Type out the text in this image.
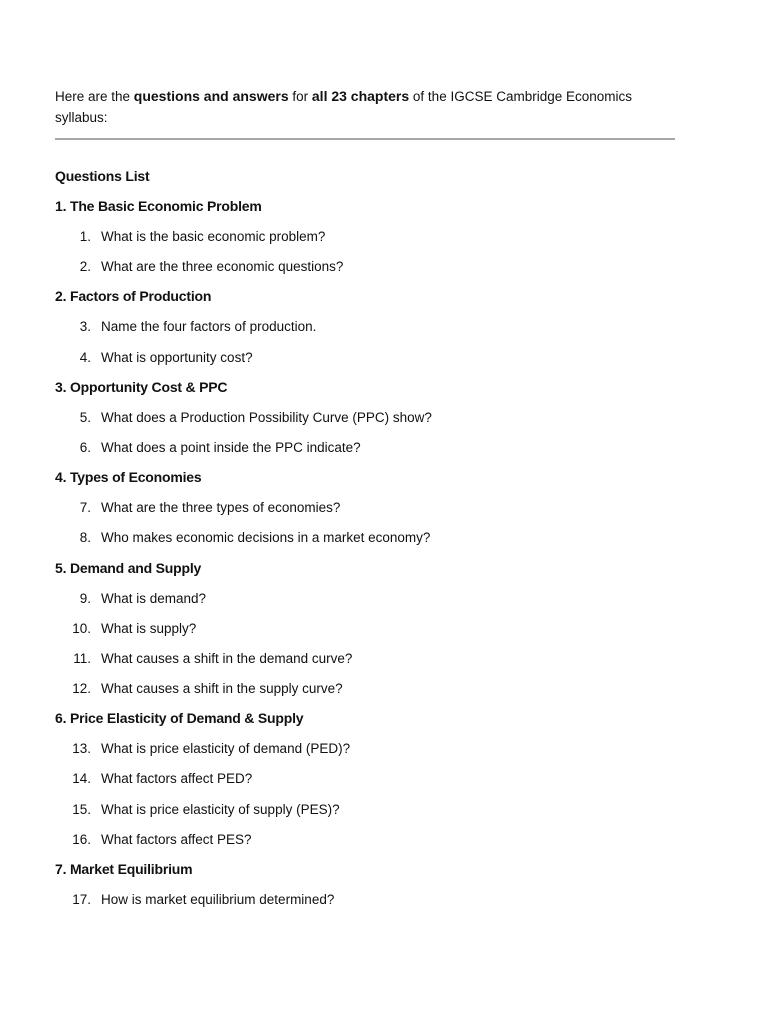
Here are the questions and answers for all 23 chapters of the IGCSE Cambridge Economics syllabus:

Questions List
1. The Basic Economic Problem
1. What is the basic economic problem?
2. What are the three economic questions?
2. Factors of Production
3. Name the four factors of production.
4. What is opportunity cost?
3. Opportunity Cost & PPC
5. What does a Production Possibility Curve (PPC) show?
6. What does a point inside the PPC indicate?
4. Types of Economies
7. What are the three types of economies?
8. Who makes economic decisions in a market economy?
5. Demand and Supply
9. What is demand?
10. What is supply?
11. What causes a shift in the demand curve?
12. What causes a shift in the supply curve?
6. Price Elasticity of Demand & Supply
13. What is price elasticity of demand (PED)?
14. What factors affect PED?
15. What is price elasticity of supply (PES)?
16. What factors affect PES?
7. Market Equilibrium
17. How is market equilibrium determined?
